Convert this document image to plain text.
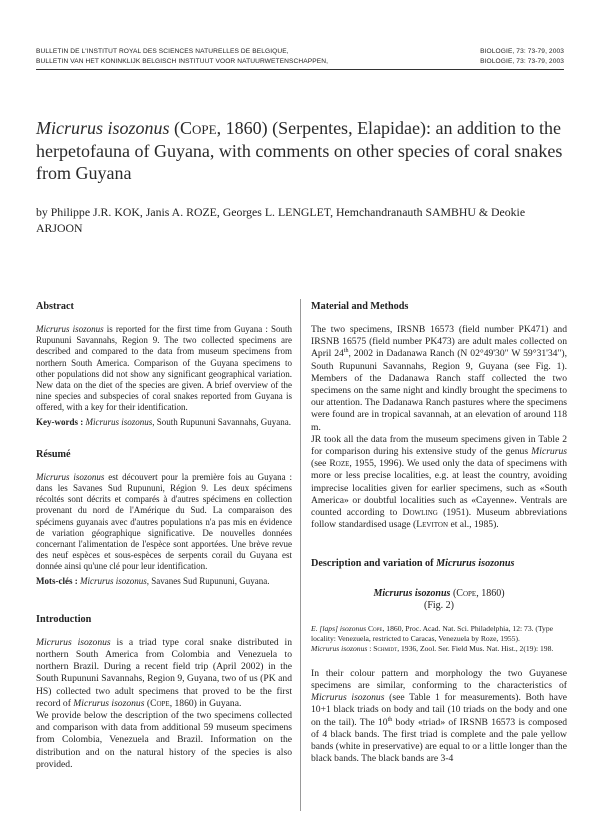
BULLETIN DE L'INSTITUT ROYAL DES SCIENCES NATURELLES DE BELGIQUE,
BULLETIN VAN HET KONINKLIJK BELGISCH INSTITUUT VOOR NATUURWETENSCHAPPEN,
BIOLOGIE, 73: 73-79, 2003
BIOLOGIE, 73: 73-79, 2003
Micrurus isozonus (Cope, 1860) (Serpentes, Elapidae): an addition to the herpetofauna of Guyana, with comments on other species of coral snakes from Guyana

by Philippe J.R. KOK, Janis A. ROZE, Georges L. LENGLET, Hemchandranauth SAMBHU & Deokie ARJOON

Abstract

Micrurus isozonus is reported for the first time from Guyana : South Rupununi Savannahs, Region 9. The two collected specimens are described and compared to the data from museum specimens from northern South America. Comparison of the Guyana specimens to other populations did not show any significant geographical variation. New data on the diet of the species are given. A brief overview of the nine species and subspecies of coral snakes reported from Guyana is offered, with a key for their identification.

Key-words : Micrurus isozonus, South Rupununi Savannahs, Guyana.

Résumé

Micrurus isozonus est découvert pour la première fois au Guyana : dans les Savanes Sud Rupununi, Région 9. Les deux spécimens récoltés sont décrits et comparés à d'autres spécimens en collection provenant du nord de l'Amérique du Sud. La comparaison des spécimens guyanais avec d'autres populations n'a pas mis en évidence de variation géographique significative. De nouvelles données concernant l'alimentation de l'espèce sont apportées. Une brève revue des neuf espèces et sous-espèces de serpents corail du Guyana est donnée ainsi qu'une clé pour leur identification.

Mots-clés : Micrurus isozonus, Savanes Sud Rupununi, Guyana.

Introduction

Micrurus isozonus is a triad type coral snake distributed in northern South America from Colombia and Venezuela to northern Brazil. During a recent field trip (April 2002) in the South Rupununi Savannahs, Region 9, Guyana, two of us (PK and HS) collected two adult specimens that proved to be the first record of Micrurus isozonus (Cope, 1860) in Guyana.

We provide below the description of the two specimens collected and comparison with data from additional 59 museum specimens from Colombia, Venezuela and Brazil. Information on the distribution and on the natural history of the species is also provided.

Material and Methods

The two specimens, IRSNB 16573 (field number PK471) and IRSNB 16575 (field number PK473) are adult males collected on April 24th, 2002 in Dadanawa Ranch (N 02°49'30" W 59°31'34"), South Rupununi Savannahs, Region 9, Guyana (see Fig. 1). Members of the Dadanawa Ranch staff collected the two specimens on the same night and kindly brought the specimens to our attention. The Dadanawa Ranch pastures where the specimens were found are in tropical savannah, at an elevation of around 118 m.

JR took all the data from the museum specimens given in Table 2 for comparison during his extensive study of the genus Micrurus (see Roze, 1955, 1996). We used only the data of specimens with more or less precise localities, e.g. at least the country, avoiding imprecise localities given for earlier specimens, such as «South America» or doubtful localities such as «Cayenne». Ventrals are counted according to Dowling (1951). Museum abbreviations follow standardised usage (Leviton et al., 1985).

Description and variation of Micrurus isozonus
Micrurus isozonus (Cope, 1860)
(Fig. 2)

E. [laps] isozonus Cope, 1860, Proc. Acad. Nat. Sci. Philadelphia, 12: 73. (Type locality: Venezuela, restricted to Caracas, Venezuela by Roze, 1955).

Micrurus isozonus : Schmidt, 1936, Zool. Ser. Field Mus. Nat. Hist., 2(19): 198.

In their colour pattern and morphology the two Guyanese specimens are similar, conforming to the characteristics of Micrurus isozonus (see Table 1 for measurements). Both have 10+1 black triads on body and tail (10 triads on the body and one on the tail). The 10th body «triad» of IRSNB 16573 is composed of 4 black bands. The first triad is complete and the pale yellow bands (white in preservative) are equal to or a little longer than the black bands. The black bands are 3-4
